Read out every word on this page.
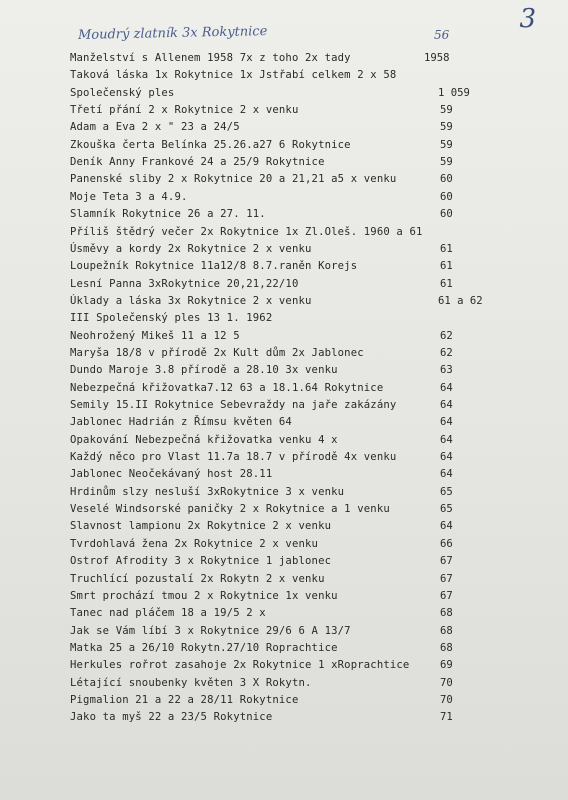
3
Moudrý zlatník 3x Rokytnice	56
Manželství s Allenem 1958 7x z toho 2x tady	1958
Taková láska 1x Rokytnice 1x Jstřabí celkem 2 x 58
Společenský ples	1 059
Třetí přání 2 x Rokytnice 2 x venku	59
Adam a Eva 2 x " 23 a 24/5	59
Zkouška čerta Belínka 25.26.a27 6 Rokytnice	59
Deník Anny Frankové 24 a 25/9 Rokytnice	59
Panenské sliby 2 x Rokytnice 20 a 21,21 a5 x venku	60
Moje Teta 3 a 4.9.	60
Slamník Rokytnice 26 a 27. 11.	60
Příliš štědrý večer 2x Rokytnice 1x Zl.Oleš. 1960 a 61
Úsměvy a kordy 2x Rokytnice 2 x venku	61
Loupežník Rokytnice 11a12/8 8.7.raněn Korejs	61
Lesní Panna 3xRokytnice 20,21,22/10	61
Úklady a láska 3x Rokytnice 2 x venku	61 a 62
III Společenský ples 13 1. 1962
Neohrožený Mikeš 11 a 12 5	62
Maryša 18/8 v přírodě 2x Kult dům 2x Jablonec	62
Dundo Maroje 3.8 přírodě a 28.10 3x venku	63
Nebezpečná křižovatka7.12 63 a 18.1.64 Rokytnice	64
Semily 15.II Rokytnice Sebevraždy na jaře zakázány	64
Jablonec Hadrián z Římsu květen 64	64
Opakování Nebezpečná křižovatka venku 4 x	64
Každý něco pro Vlast 11.7a 18.7 v přírodě 4x venku	64
Jablonec Neočekávaný host 28.11	64
Hrdinům slzy nesluší 3xRokytnice 3 x venku	65
Veselé Windsorské paničky 2 x Rokytnice a 1 venku	65
Slavnost lampionu 2x Rokytnice 2 x venku	64
Tvrdohlavá žena 2x Rokytnice 2 x venku	66
Ostrof Afrodity 3 x Rokytnice 1 jablonec	67
Truchlící pozustalí 2x Rokytn 2 x venku	67
Smrt prochází tmou 2 x Rokytnice 1x venku	67
Tanec nad pláčem 18 a 19/5 2 x	68
Jak se Vám líbí 3 x Rokytnice 29/6 6 A 13/7	68
Matka 25 a 26/10 Rokytn.27/10 Roprachtice	68
Herkules rořrot zasahoje 2x Rokytnice 1 xRoprachtice	69
Létající snoubenky květen 3 X Rokytn.	70
Pigmalion 21 a 22 a 28/11 Rokytnice	70
Jako ta myš 22 a 23/5 Rokytnice	71
